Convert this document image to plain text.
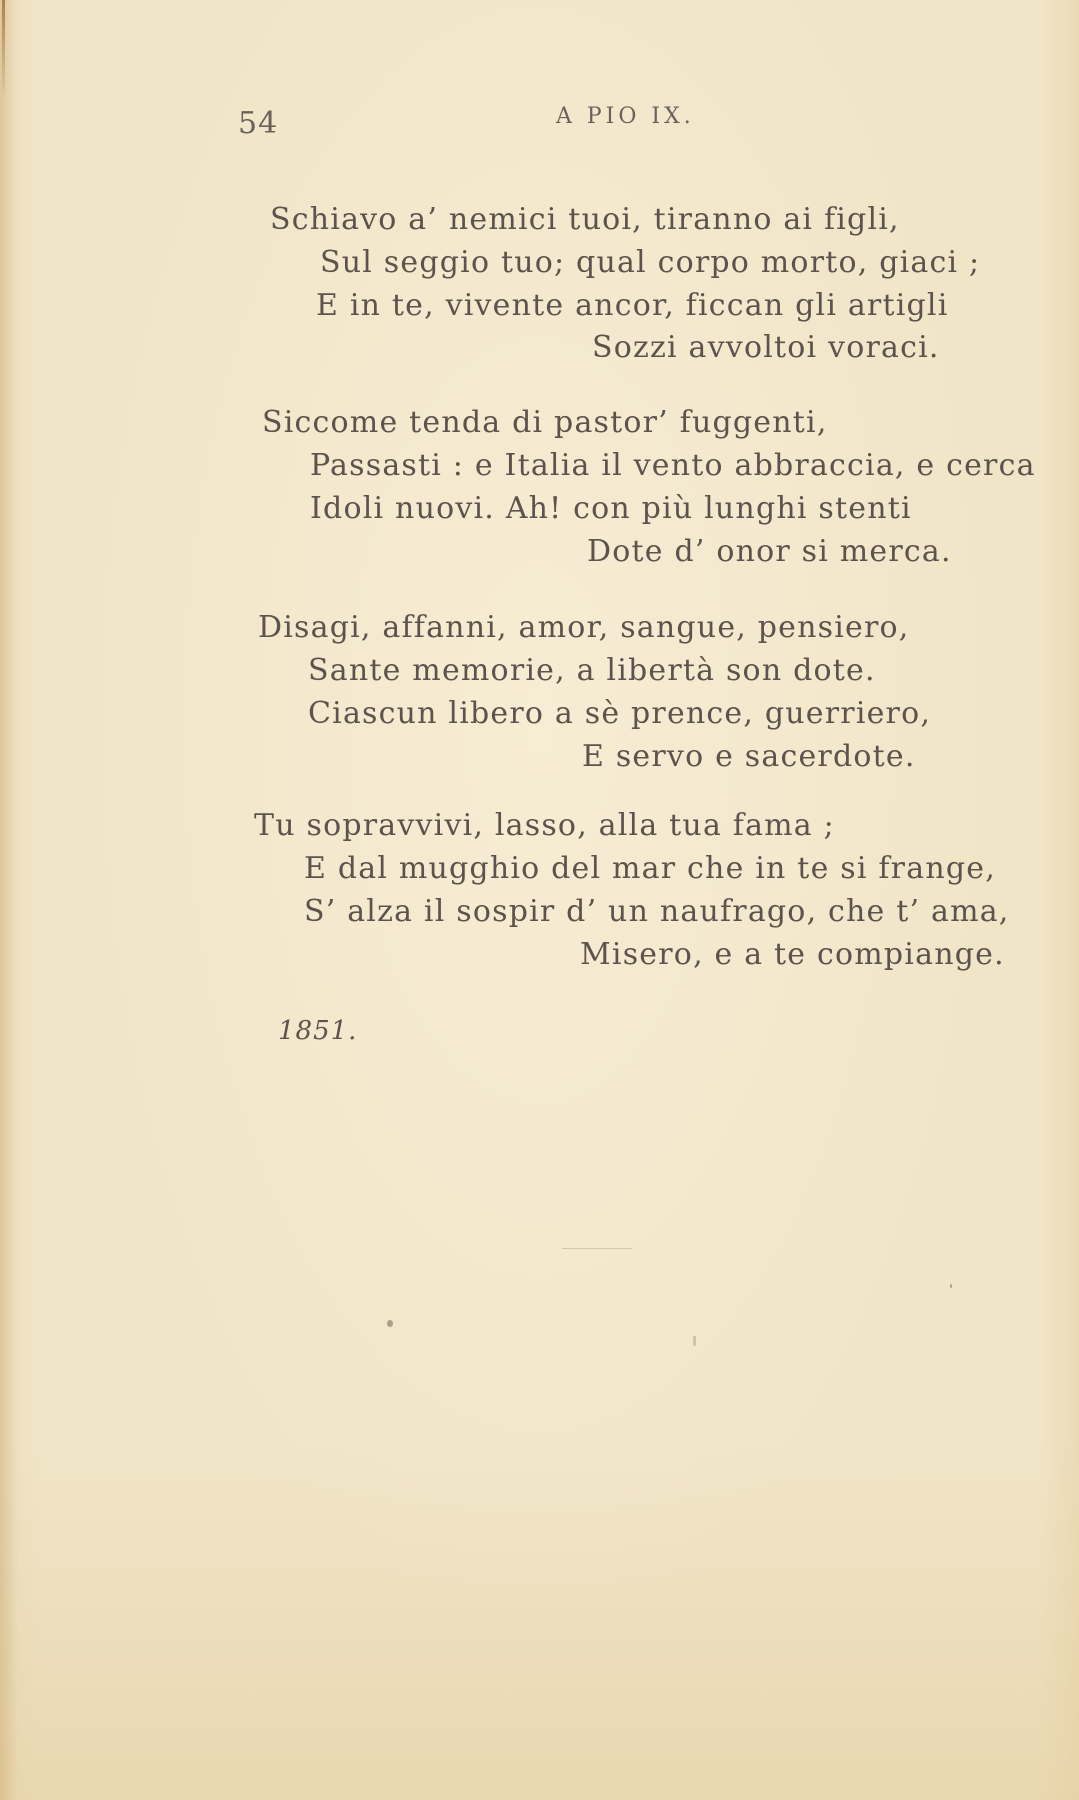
54	A PIO IX.
Schiavo a’ nemici tuoi, tiranno ai figli,
Sul seggio tuo; qual corpo morto, giaci ;
E in te, vivente ancor, ficcan gli artigli
Sozzi avvoltoi voraci.
Siccome tenda di pastor’ fuggenti,
Passasti : e Italia il vento abbraccia, e cerca
Idoli nuovi. Ah! con più lunghi stenti
Dote d’ onor si merca.
Disagi, affanni, amor, sangue, pensiero,
Sante memorie, a libertà son dote.
Ciascun libero a sè prence, guerriero,
E servo e sacerdote.
Tu sopravvivi, lasso, alla tua fama ;
E dal mugghio del mar che in te si frange,
S’ alza il sospir d’ un naufrago, che t’ ama,
Misero, e a te compiange.
1851.
